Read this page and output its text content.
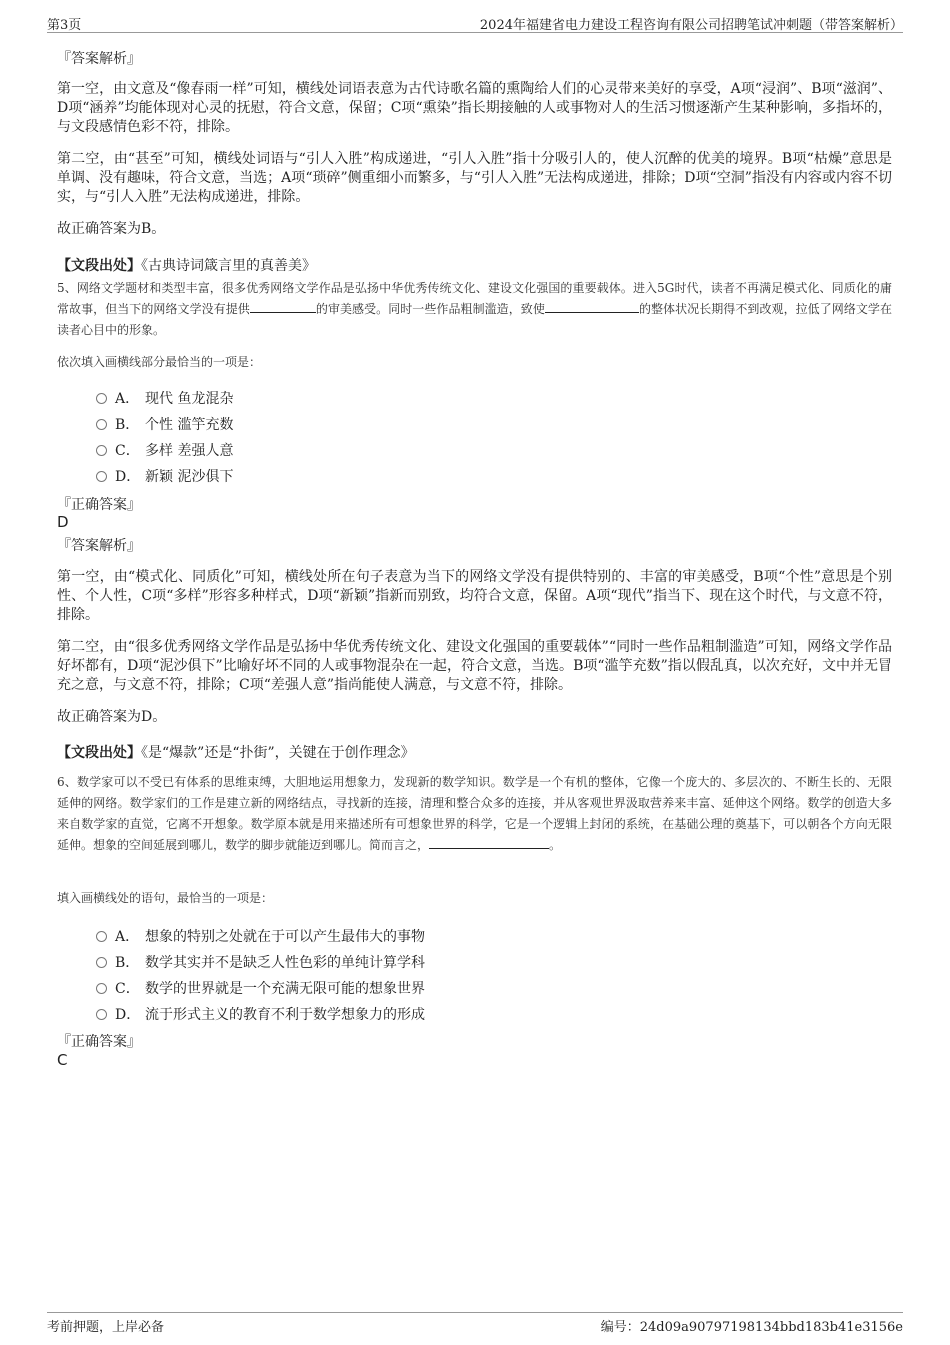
第3页	2024年福建省电力建设工程咨询有限公司招聘笔试冲刺题（带答案解析）
『答案解析』
第一空，由文意及“像春雨一样”可知，横线处词语表意为古代诗歌名篇的熏陶给人们的心灵带来美好的享受，A项“浸润”、B项“滋润”、D项“涵养”均能体现对心灵的抚慰，符合文意，保留；C项“熏染”指长期接触的人或事物对人的生活习惯逐渐产生某种影响，多指坏的，与文段感情色彩不符，排除。
第二空，由“甚至”可知，横线处词语与“引人入胜”构成递进，“引人入胜”指十分吸引人的，使人沉醉的优美的境界。B项“枯燥”意思是单调、没有趣味，符合文意，当选；A项“琐碎”侧重细小而繁多，与“引人入胜”无法构成递进，排除；D项“空洞”指没有内容或内容不切实，与“引人入胜”无法构成递进，排除。
故正确答案为B。
【文段出处】《古典诗词箴言里的真善美》
5、网络文学题材和类型丰富，很多优秀网络文学作品是弘扬中华优秀传统文化、建设文化强国的重要载体。进入5G时代，读者不再满足模式化、同质化的庸常故事，但当下的网络文学没有提供	的审美感受。同时一些作品粗制滥造，致使	的整体状况长期得不到改观，拉低了网络文学在读者心目中的形象。
依次填入画横线部分最恰当的一项是：
A． 现代 鱼龙混杂
B． 个性 滥竽充数
C． 多样 差强人意
D． 新颖 泥沙俱下
『正确答案』
D
『答案解析』
第一空，由“模式化、同质化”可知，横线处所在句子表意为当下的网络文学没有提供特别的、丰富的审美感受，B项“个性”意思是个别性、个人性，C项“多样”形容多种样式，D项“新颖”指新而别致，均符合文意，保留。A项“现代”指当下、现在这个时代，与文意不符，排除。
第二空，由“很多优秀网络文学作品是弘扬中华优秀传统文化、建设文化强国的重要载体”“同时一些作品粗制滥造”可知，网络文学作品好坏都有，D项“泥沙俱下”比喻好坏不同的人或事物混杂在一起，符合文意，当选。B项“滥竽充数”指以假乱真，以次充好，文中并无冒充之意，与文意不符，排除；C项“差强人意”指尚能使人满意，与文意不符，排除。
故正确答案为D。
【文段出处】《是“爆款”还是“扑街”，关键在于创作理念》
6、数学家可以不受已有体系的思维束缚，大胆地运用想象力，发现新的数学知识。数学是一个有机的整体，它像一个庞大的、多层次的、不断生长的、无限延伸的网络。数学家们的工作是建立新的网络结点，寻找新的连接，清理和整合众多的连接，并从客观世界汲取营养来丰富、延伸这个网络。数学的创造大多来自数学家的直觉，它离不开想象。数学原本就是用来描述所有可想象世界的科学，它是一个逻辑上封闭的系统，在基础公理的奠基下，可以朝各个方向无限延伸。想象的空间延展到哪儿，数学的脚步就能迈到哪儿。简而言之，	。
填入画横线处的语句，最恰当的一项是：
A． 想象的特别之处就在于可以产生最伟大的事物
B． 数学其实并不是缺乏人性色彩的单纯计算学科
C． 数学的世界就是一个充满无限可能的想象世界
D． 流于形式主义的教育不利于数学想象力的形成
『正确答案』
C
考前押题，上岸必备	编号：24d09a90797198134bbd183b41e3156e
